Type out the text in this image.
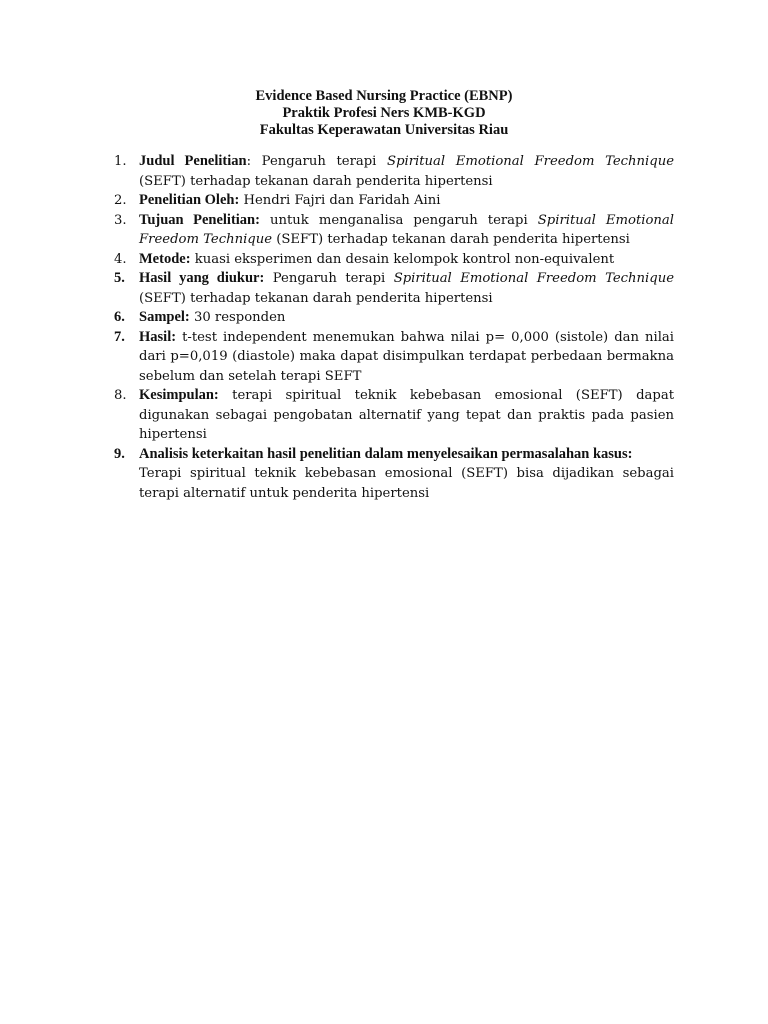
Evidence Based Nursing Practice (EBNP)
Praktik Profesi Ners KMB-KGD
Fakultas Keperawatan Universitas Riau
1. Judul Penelitian: Pengaruh terapi Spiritual Emotional Freedom Technique (SEFT) terhadap tekanan darah penderita hipertensi
2. Penelitian Oleh: Hendri Fajri dan Faridah Aini
3. Tujuan Penelitian: untuk menganalisa pengaruh terapi Spiritual Emotional Freedom Technique (SEFT) terhadap tekanan darah penderita hipertensi
4. Metode: kuasi eksperimen dan desain kelompok kontrol non-equivalent
5. Hasil yang diukur: Pengaruh terapi Spiritual Emotional Freedom Technique (SEFT) terhadap tekanan darah penderita hipertensi
6. Sampel: 30 responden
7. Hasil: t-test independent menemukan bahwa nilai p= 0,000 (sistole) dan nilai dari p=0,019 (diastole) maka dapat disimpulkan terdapat perbedaan bermakna sebelum dan setelah terapi SEFT
8. Kesimpulan: terapi spiritual teknik kebebasan emosional (SEFT) dapat digunakan sebagai pengobatan alternatif yang tepat dan praktis pada pasien hipertensi
9. Analisis keterkaitan hasil penelitian dalam menyelesaikan permasalahan kasus:
Terapi spiritual teknik kebebasan emosional (SEFT) bisa dijadikan sebagai terapi alternatif untuk penderita hipertensi
